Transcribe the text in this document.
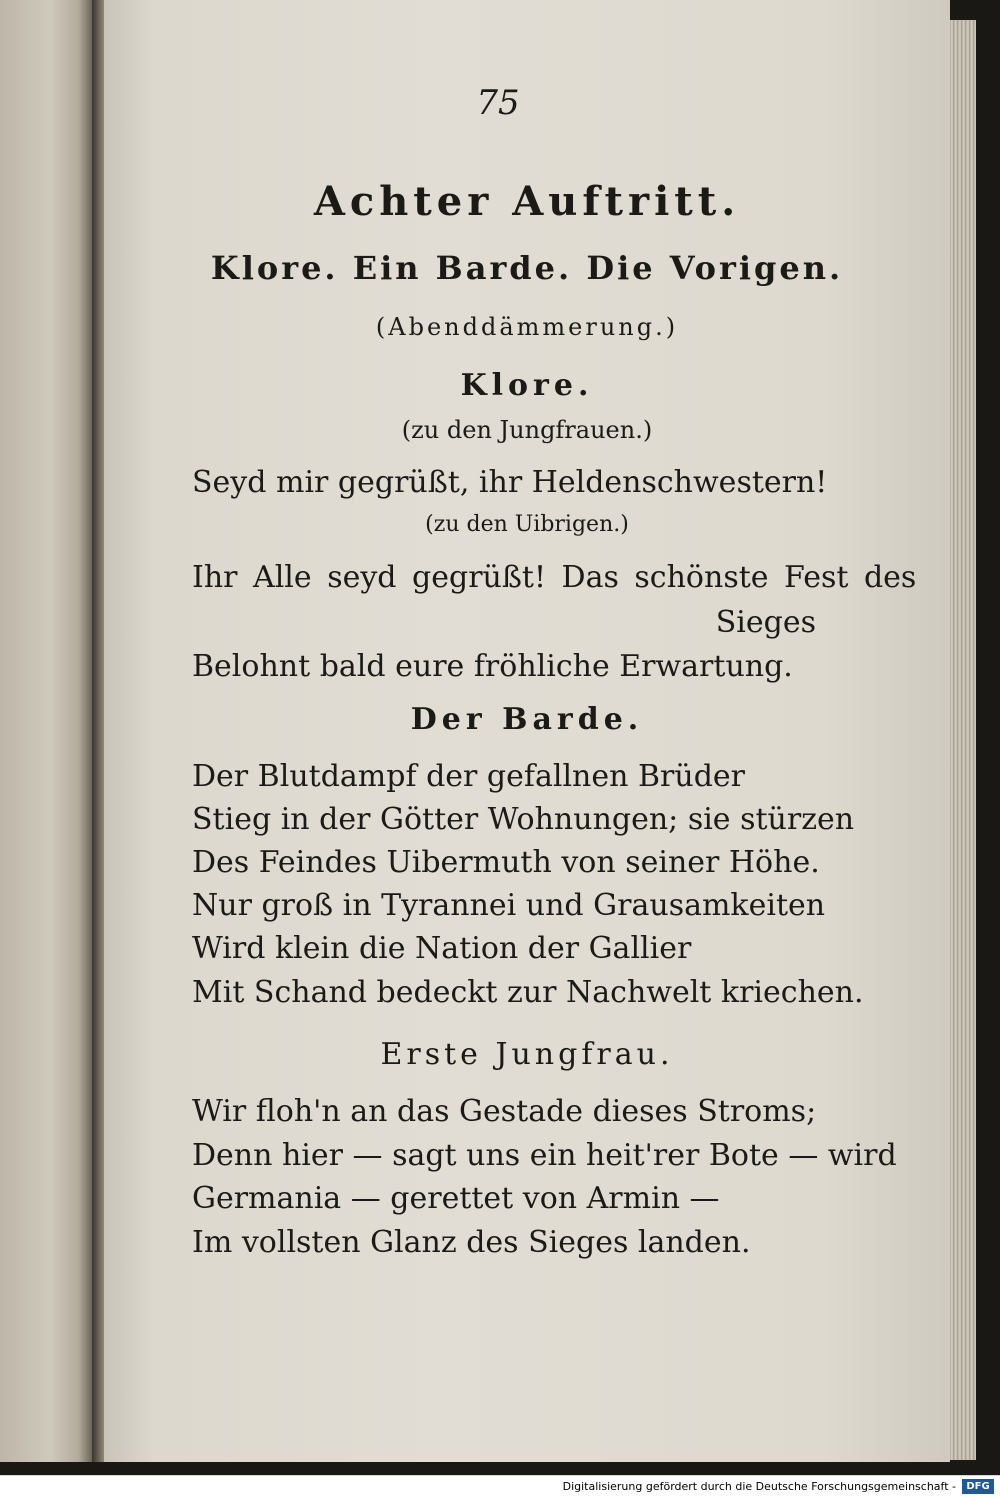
75
Achter Auftritt.
Klore. Ein Barde. Die Vorigen.
(Abenddämmerung.)
Klore.
(zu den Jungfrauen.)
Seyd mir gegrüßt, ihr Heldenschwestern!
(zu den Uibrigen.)
Ihr Alle seyd gegrüßt! Das schönste Fest des
Sieges
Belohnt bald eure fröhliche Erwartung.
Der Barde.
Der Blutdampf der gefallnen Brüder
Stieg in der Götter Wohnungen; sie stürzen
Des Feindes Uibermuth von seiner Höhe.
Nur groß in Tyrannei und Grausamkeiten
Wird klein die Nation der Gallier
Mit Schand bedeckt zur Nachwelt kriechen.
Erste Jungfrau.
Wir floh'n an das Gestade dieses Stroms;
Denn hier — sagt uns ein heit'rer Bote — wird
Germania — gerettet von Armin —
Im vollsten Glanz des Sieges landen.
Digitalisierung gefördert durch die Deutsche Forschungsgemeinschaft -	DFG
